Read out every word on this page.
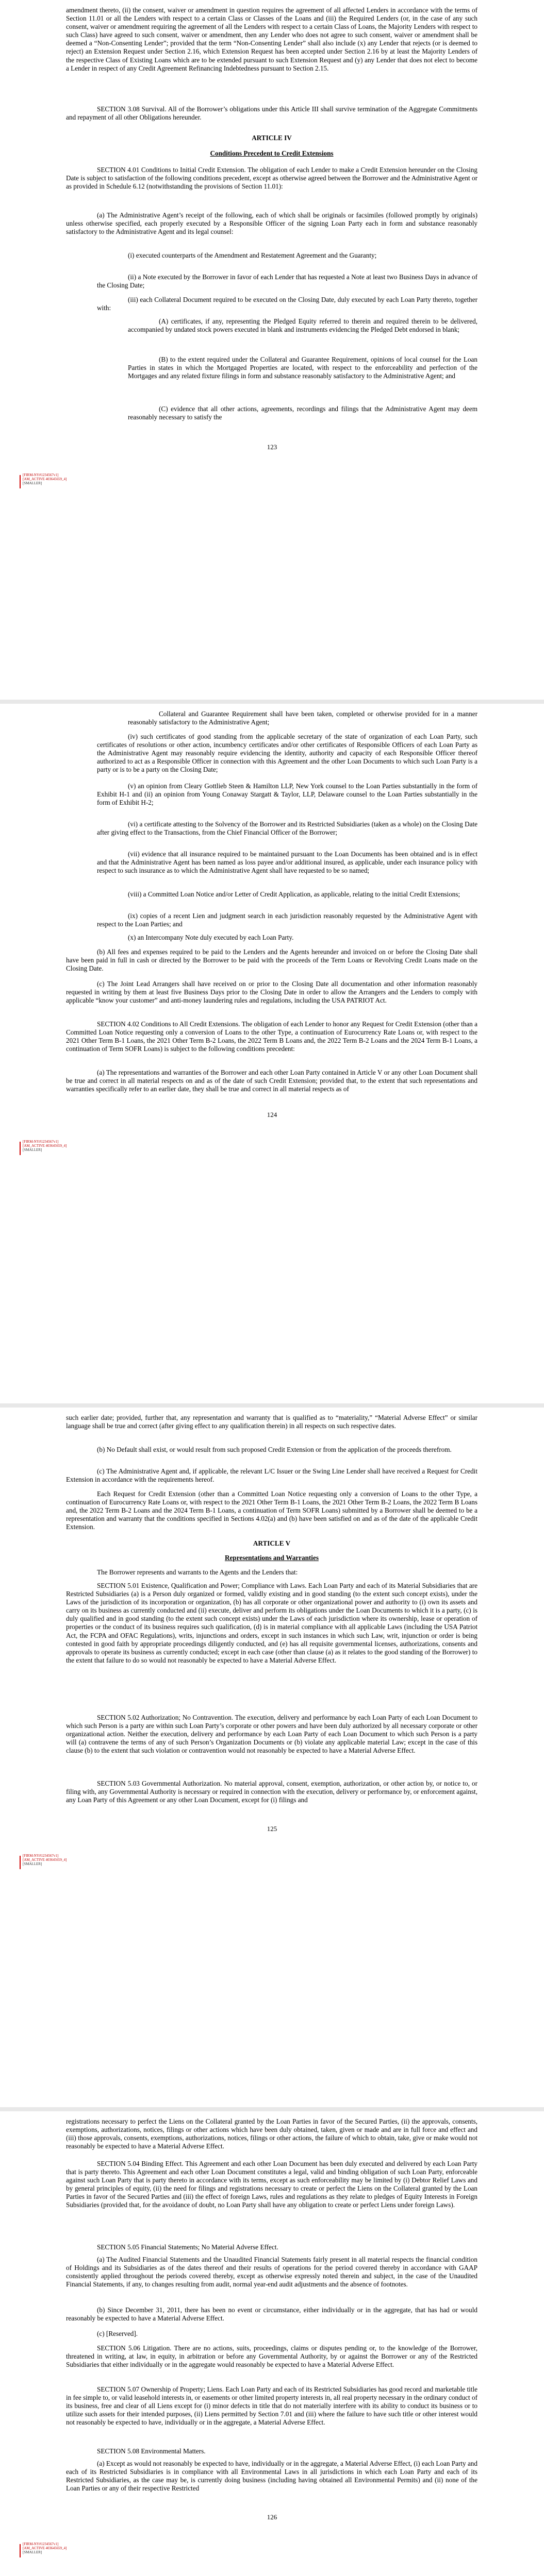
amendment thereto, (ii) the consent, waiver or amendment in question requires the agreement of all affected Lenders in accordance with the terms of Section 11.01 or all the Lenders with respect to a certain Class or Classes of the Loans and (iii) the Required Lenders (or, in the case of any such consent, waiver or amendment requiring the agreement of all the Lenders with respect to a certain Class of Loans, the Majority Lenders with respect to such Class) have agreed to such consent, waiver or amendment, then any Lender who does not agree to such consent, waiver or amendment shall be deemed a “Non-Consenting Lender”; provided that the term “Non-Consenting Lender” shall also include (x) any Lender that rejects (or is deemed to reject) an Extension Request under Section 2.16, which Extension Request has been accepted under Section 2.16 by at least the Majority Lenders of the respective Class of Existing Loans which are to be extended pursuant to such Extension Request and (y) any Lender that does not elect to become a Lender in respect of any Credit Agreement Refinancing Indebtedness pursuant to Section 2.15.

SECTION 3.08 Survival. All of the Borrower’s obligations under this Article III shall survive termination of the Aggregate Commitments and repayment of all other Obligations hereunder.

ARTICLE IV

Conditions Precedent to Credit Extensions

SECTION 4.01 Conditions to Initial Credit Extension. The obligation of each Lender to make a Credit Extension hereunder on the Closing Date is subject to satisfaction of the following conditions precedent, except as otherwise agreed between the Borrower and the Administrative Agent or as provided in Schedule 6.12 (notwithstanding the provisions of Section 11.01):

(a) The Administrative Agent’s receipt of the following, each of which shall be originals or facsimiles (followed promptly by originals) unless otherwise specified, each properly executed by a Responsible Officer of the signing Loan Party each in form and substance reasonably satisfactory to the Administrative Agent and its legal counsel:

(i) executed counterparts of the Amendment and Restatement Agreement and the Guaranty;

(ii) a Note executed by the Borrower in favor of each Lender that has requested a Note at least two Business Days in advance of the Closing Date;

(iii) each Collateral Document required to be executed on the Closing Date, duly executed by each Loan Party thereto, together with:

(A) certificates, if any, representing the Pledged Equity referred to therein and required therein to be delivered, accompanied by undated stock powers executed in blank and instruments evidencing the Pledged Debt endorsed in blank;

(B) to the extent required under the Collateral and Guarantee Requirement, opinions of local counsel for the Loan Parties in states in which the Mortgaged Properties are located, with respect to the enforceability and perfection of the Mortgages and any related fixture filings in form and substance reasonably satisfactory to the Administrative Agent; and

(C) evidence that all other actions, agreements, recordings and filings that the Administrative Agent may deem reasonably necessary to satisfy the

123
[FIRM-NY#1234567v1]
[AM_ACTIVE 403645659_4]
[SMALLER]

Collateral and Guarantee Requirement shall have been taken, completed or otherwise provided for in a manner reasonably satisfactory to the Administrative Agent;

(iv) such certificates of good standing from the applicable secretary of the state of organization of each Loan Party, such certificates of resolutions or other action, incumbency certificates and/or other certificates of Responsible Officers of each Loan Party as the Administrative Agent may reasonably require evidencing the identity, authority and capacity of each Responsible Officer thereof authorized to act as a Responsible Officer in connection with this Agreement and the other Loan Documents to which such Loan Party is a party or is to be a party on the Closing Date;

(v) an opinion from Cleary Gottlieb Steen & Hamilton LLP, New York counsel to the Loan Parties substantially in the form of Exhibit H-1 and (ii) an opinion from Young Conaway Stargatt & Taylor, LLP, Delaware counsel to the Loan Parties substantially in the form of Exhibit H-2;

(vi) a certificate attesting to the Solvency of the Borrower and its Restricted Subsidiaries (taken as a whole) on the Closing Date after giving effect to the Transactions, from the Chief Financial Officer of the Borrower;

(vii) evidence that all insurance required to be maintained pursuant to the Loan Documents has been obtained and is in effect and that the Administrative Agent has been named as loss payee and/or additional insured, as applicable, under each insurance policy with respect to such insurance as to which the Administrative Agent shall have requested to be so named;

(viii) a Committed Loan Notice and/or Letter of Credit Application, as applicable, relating to the initial Credit Extensions;

(ix) copies of a recent Lien and judgment search in each jurisdiction reasonably requested by the Administrative Agent with respect to the Loan Parties; and

(x) an Intercompany Note duly executed by each Loan Party.

(b) All fees and expenses required to be paid to the Lenders and the Agents hereunder and invoiced on or before the Closing Date shall have been paid in full in cash or directed by the Borrower to be paid with the proceeds of the Term Loans or Revolving Credit Loans made on the Closing Date.

(c) The Joint Lead Arrangers shall have received on or prior to the Closing Date all documentation and other information reasonably requested in writing by them at least five Business Days prior to the Closing Date in order to allow the Arrangers and the Lenders to comply with applicable “know your customer” and anti-money laundering rules and regulations, including the USA PATRIOT Act.

SECTION 4.02 Conditions to All Credit Extensions. The obligation of each Lender to honor any Request for Credit Extension (other than a Committed Loan Notice requesting only a conversion of Loans to the other Type, a continuation of Eurocurrency Rate Loans or, with respect to the 2021 Other Term B-1 Loans, the 2021 Other Term B-2 Loans, the 2022 Term B Loans and, the 2022 Term B-2 Loans and the 2024 Term B-1 Loans, a continuation of Term SOFR Loans) is subject to the following conditions precedent:

(a) The representations and warranties of the Borrower and each other Loan Party contained in Article V or any other Loan Document shall be true and correct in all material respects on and as of the date of such Credit Extension; provided that, to the extent that such representations and warranties specifically refer to an earlier date, they shall be true and correct in all material respects as of

124
[FIRM-NY#1234567v1]
[AM_ACTIVE 403645659_4]
[SMALLER]

such earlier date; provided, further that, any representation and warranty that is qualified as to “materiality,” “Material Adverse Effect” or similar language shall be true and correct (after giving effect to any qualification therein) in all respects on such respective dates.

(b) No Default shall exist, or would result from such proposed Credit Extension or from the application of the proceeds therefrom.

(c) The Administrative Agent and, if applicable, the relevant L/C Issuer or the Swing Line Lender shall have received a Request for Credit Extension in accordance with the requirements hereof.

Each Request for Credit Extension (other than a Committed Loan Notice requesting only a conversion of Loans to the other Type, a continuation of Eurocurrency Rate Loans or, with respect to the 2021 Other Term B-1 Loans, the 2021 Other Term B-2 Loans, the 2022 Term B Loans and, the 2022 Term B-2 Loans and the 2024 Term B-1 Loans, a continuation of Term SOFR Loans) submitted by a Borrower shall be deemed to be a representation and warranty that the conditions specified in Sections 4.02(a) and (b) have been satisfied on and as of the date of the applicable Credit Extension.

ARTICLE V

Representations and Warranties

The Borrower represents and warrants to the Agents and the Lenders that:

SECTION 5.01 Existence, Qualification and Power; Compliance with Laws. Each Loan Party and each of its Material Subsidiaries that are Restricted Subsidiaries (a) is a Person duly organized or formed, validly existing and in good standing (to the extent such concept exists), under the Laws of the jurisdiction of its incorporation or organization, (b) has all corporate or other organizational power and authority to (i) own its assets and carry on its business as currently conducted and (ii) execute, deliver and perform its obligations under the Loan Documents to which it is a party, (c) is duly qualified and in good standing (to the extent such concept exists) under the Laws of each jurisdiction where its ownership, lease or operation of properties or the conduct of its business requires such qualification, (d) is in material compliance with all applicable Laws (including the USA Patriot Act, the FCPA and OFAC Regulations), writs, injunctions and orders, except in such instances in which such Law, writ, injunction or order is being contested in good faith by appropriate proceedings diligently conducted, and (e) has all requisite governmental licenses, authorizations, consents and approvals to operate its business as currently conducted; except in each case (other than clause (a) as it relates to the good standing of the Borrower) to the extent that failure to do so would not reasonably be expected to have a Material Adverse Effect.

SECTION 5.02 Authorization; No Contravention. The execution, delivery and performance by each Loan Party of each Loan Document to which such Person is a party are within such Loan Party’s corporate or other powers and have been duly authorized by all necessary corporate or other organizational action. Neither the execution, delivery and performance by each Loan Party of each Loan Document to which such Person is a party will (a) contravene the terms of any of such Person’s Organization Documents or (b) violate any applicable material Law; except in the case of this clause (b) to the extent that such violation or contravention would not reasonably be expected to have a Material Adverse Effect.

SECTION 5.03 Governmental Authorization. No material approval, consent, exemption, authorization, or other action by, or notice to, or filing with, any Governmental Authority is necessary or required in connection with the execution, delivery or performance by, or enforcement against, any Loan Party of this Agreement or any other Loan Document, except for (i) filings and

125
[FIRM-NY#1234567v1]
[AM_ACTIVE 403645659_4]
[SMALLER]

registrations necessary to perfect the Liens on the Collateral granted by the Loan Parties in favor of the Secured Parties, (ii) the approvals, consents, exemptions, authorizations, notices, filings or other actions which have been duly obtained, taken, given or made and are in full force and effect and (iii) those approvals, consents, exemptions, authorizations, notices, filings or other actions, the failure of which to obtain, take, give or make would not reasonably be expected to have a Material Adverse Effect.

SECTION 5.04 Binding Effect. This Agreement and each other Loan Document has been duly executed and delivered by each Loan Party that is party thereto. This Agreement and each other Loan Document constitutes a legal, valid and binding obligation of such Loan Party, enforceable against such Loan Party that is party thereto in accordance with its terms, except as such enforceability may be limited by (i) Debtor Relief Laws and by general principles of equity, (ii) the need for filings and registrations necessary to create or perfect the Liens on the Collateral granted by the Loan Parties in favor of the Secured Parties and (iii) the effect of foreign Laws, rules and regulations as they relate to pledges of Equity Interests in Foreign Subsidiaries (provided that, for the avoidance of doubt, no Loan Party shall have any obligation to create or perfect Liens under foreign Laws).

SECTION 5.05 Financial Statements; No Material Adverse Effect.

(a) The Audited Financial Statements and the Unaudited Financial Statements fairly present in all material respects the financial condition of Holdings and its Subsidiaries as of the dates thereof and their results of operations for the period covered thereby in accordance with GAAP consistently applied throughout the periods covered thereby, except as otherwise expressly noted therein and subject, in the case of the Unaudited Financial Statements, if any, to changes resulting from audit, normal year-end audit adjustments and the absence of footnotes.

(b) Since December 31, 2011, there has been no event or circumstance, either individually or in the aggregate, that has had or would reasonably be expected to have a Material Adverse Effect.

(c) [Reserved].

SECTION 5.06 Litigation. There are no actions, suits, proceedings, claims or disputes pending or, to the knowledge of the Borrower, threatened in writing, at law, in equity, in arbitration or before any Governmental Authority, by or against the Borrower or any of the Restricted Subsidiaries that either individually or in the aggregate would reasonably be expected to have a Material Adverse Effect.

SECTION 5.07 Ownership of Property; Liens. Each Loan Party and each of its Restricted Subsidiaries has good record and marketable title in fee simple to, or valid leasehold interests in, or easements or other limited property interests in, all real property necessary in the ordinary conduct of its business, free and clear of all Liens except for (i) minor defects in title that do not materially interfere with its ability to conduct its business or to utilize such assets for their intended purposes, (ii) Liens permitted by Section 7.01 and (iii) where the failure to have such title or other interest would not reasonably be expected to have, individually or in the aggregate, a Material Adverse Effect.

SECTION 5.08 Environmental Matters.

(a) Except as would not reasonably be expected to have, individually or in the aggregate, a Material Adverse Effect, (i) each Loan Party and each of its Restricted Subsidiaries is in compliance with all Environmental Laws in all jurisdictions in which each Loan Party and each of its Restricted Subsidiaries, as the case may be, is currently doing business (including having obtained all Environmental Permits) and (ii) none of the Loan Parties or any of their respective Restricted

126
[FIRM-NY#1234567v1]
[AM_ACTIVE 403645659_4]
[SMALLER]
